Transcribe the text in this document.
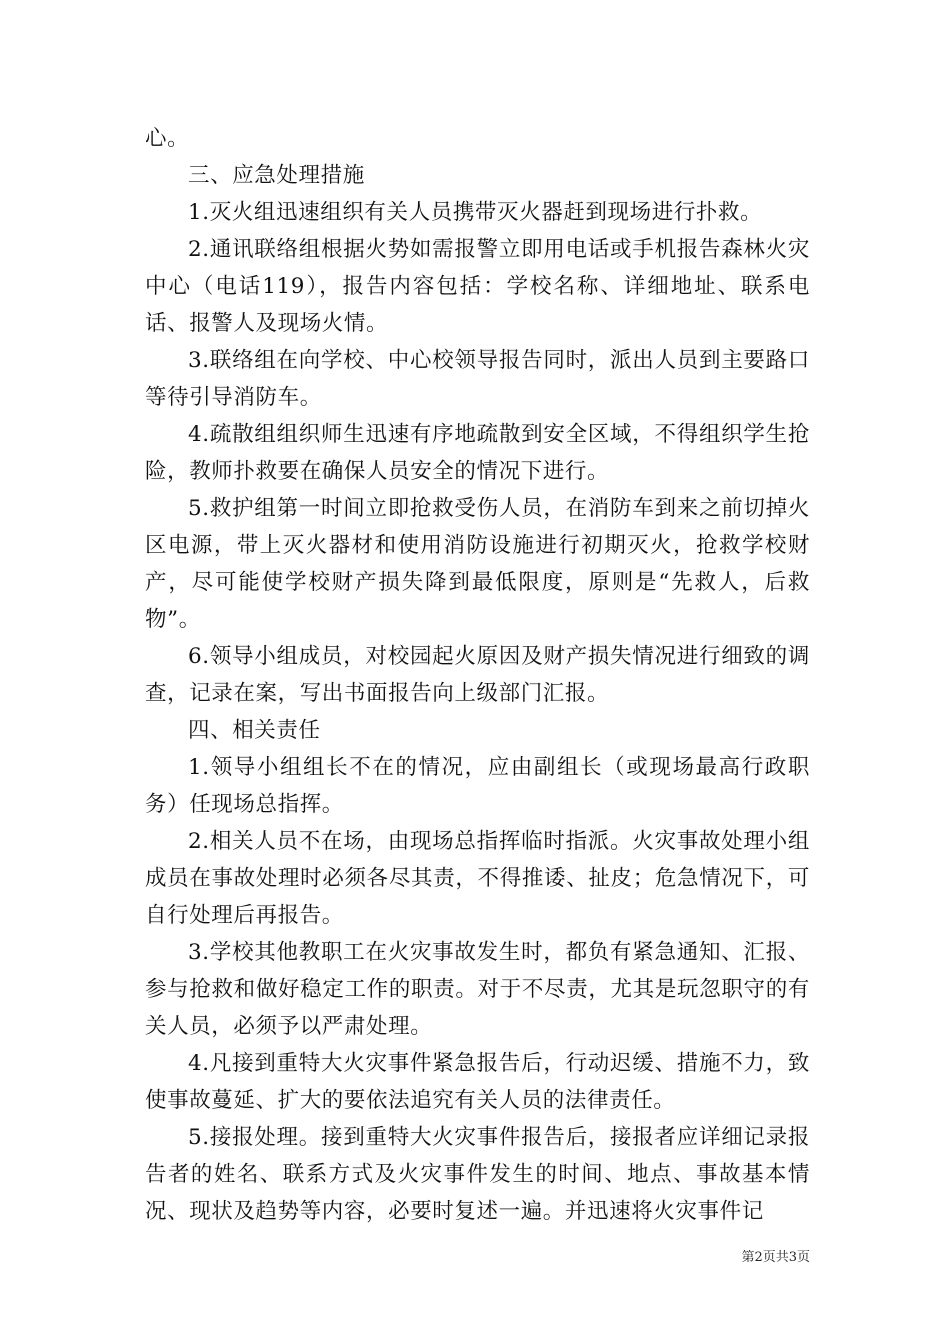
心。

三、应急处理措施

1.灭火组迅速组织有关人员携带灭火器赶到现场进行扑救。

2.通讯联络组根据火势如需报警立即用电话或手机报告森林火灾中心（电话119），报告内容包括：学校名称、详细地址、联系电话、报警人及现场火情。

3.联络组在向学校、中心校领导报告同时，派出人员到主要路口等待引导消防车。

4.疏散组组织师生迅速有序地疏散到安全区域，不得组织学生抢险，教师扑救要在确保人员安全的情况下进行。

5.救护组第一时间立即抢救受伤人员，在消防车到来之前切掉火区电源，带上灭火器材和使用消防设施进行初期灭火，抢救学校财产，尽可能使学校财产损失降到最低限度，原则是“先救人，后救物”。

6.领导小组成员，对校园起火原因及财产损失情况进行细致的调查，记录在案，写出书面报告向上级部门汇报。

四、相关责任

1.领导小组组长不在的情况，应由副组长（或现场最高行政职务）任现场总指挥。

2.相关人员不在场，由现场总指挥临时指派。火灾事故处理小组成员在事故处理时必须各尽其责，不得推诿、扯皮；危急情况下，可自行处理后再报告。

3.学校其他教职工在火灾事故发生时，都负有紧急通知、汇报、参与抢救和做好稳定工作的职责。对于不尽责，尤其是玩忽职守的有关人员，必须予以严肃处理。

4.凡接到重特大火灾事件紧急报告后，行动迟缓、措施不力，致使事故蔓延、扩大的要依法追究有关人员的法律责任。

5.接报处理。接到重特大火灾事件报告后，接报者应详细记录报告者的姓名、联系方式及火灾事件发生的时间、地点、事故基本情况、现状及趋势等内容，必要时复述一遍。并迅速将火灾事件记

第2页共3页
